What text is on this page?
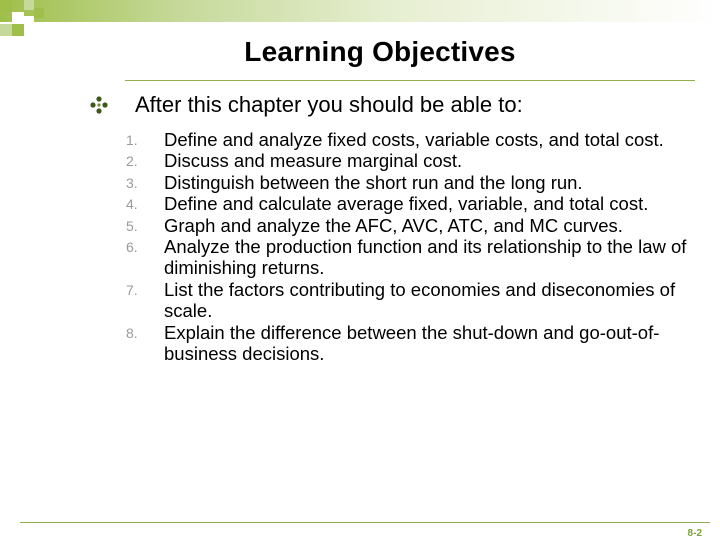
Learning Objectives
After this chapter you should be able to:
1. Define and analyze fixed costs, variable costs, and total cost.
2. Discuss and measure marginal cost.
3. Distinguish between the short run and the long run.
4. Define and calculate average fixed, variable, and total cost.
5. Graph and analyze the AFC, AVC, ATC, and MC curves.
6. Analyze the production function and its relationship to the law of diminishing returns.
7. List the factors contributing to economies and diseconomies of scale.
8. Explain the difference between the shut-down and go-out-of-business decisions.
8-2
